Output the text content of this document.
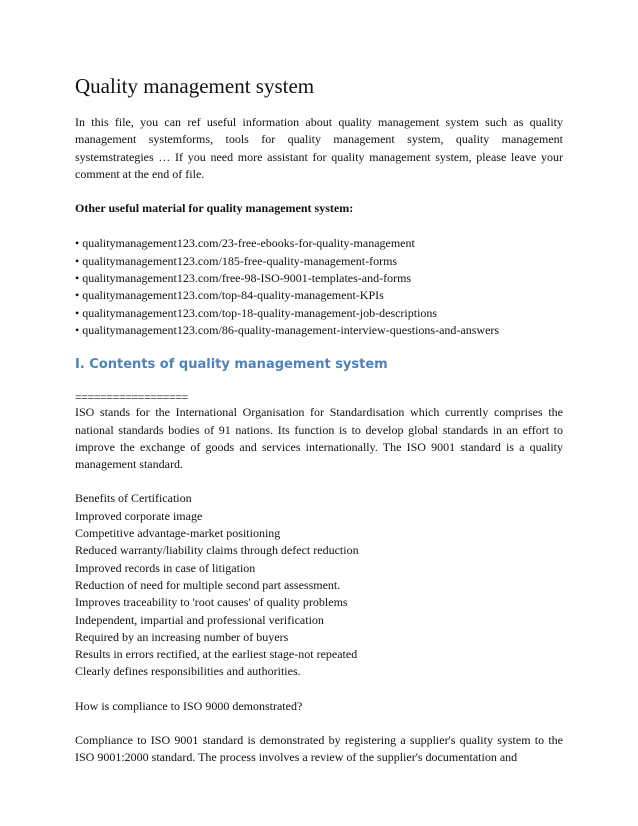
Quality management system

In this file, you can ref useful information about quality management system such as quality management systemforms, tools for quality management system, quality management systemstrategies … If you need more assistant for quality management system, please leave your comment at the end of file.

Other useful material for quality management system:

• qualitymanagement123.com/23-free-ebooks-for-quality-management
• qualitymanagement123.com/185-free-quality-management-forms
• qualitymanagement123.com/free-98-ISO-9001-templates-and-forms
• qualitymanagement123.com/top-84-quality-management-KPIs
• qualitymanagement123.com/top-18-quality-management-job-descriptions
• qualitymanagement123.com/86-quality-management-interview-questions-and-answers
I. Contents of quality management system

==================

ISO stands for the International Organisation for Standardisation which currently comprises the national standards bodies of 91 nations. Its function is to develop global standards in an effort to improve the exchange of goods and services internationally. The ISO 9001 standard is a quality management standard.

Benefits of Certification
Improved corporate image
Competitive advantage-market positioning
Reduced warranty/liability claims through defect reduction
Improved records in case of litigation
Reduction of need for multiple second part assessment.
Improves traceability to 'root causes' of quality problems
Independent, impartial and professional verification
Required by an increasing number of buyers
Results in errors rectified, at the earliest stage-not repeated
Clearly defines responsibilities and authorities.

How is compliance to ISO 9000 demonstrated?

Compliance to ISO 9001 standard is demonstrated by registering a supplier's quality system to the ISO 9001:2000 standard. The process involves a review of the supplier's documentation and
